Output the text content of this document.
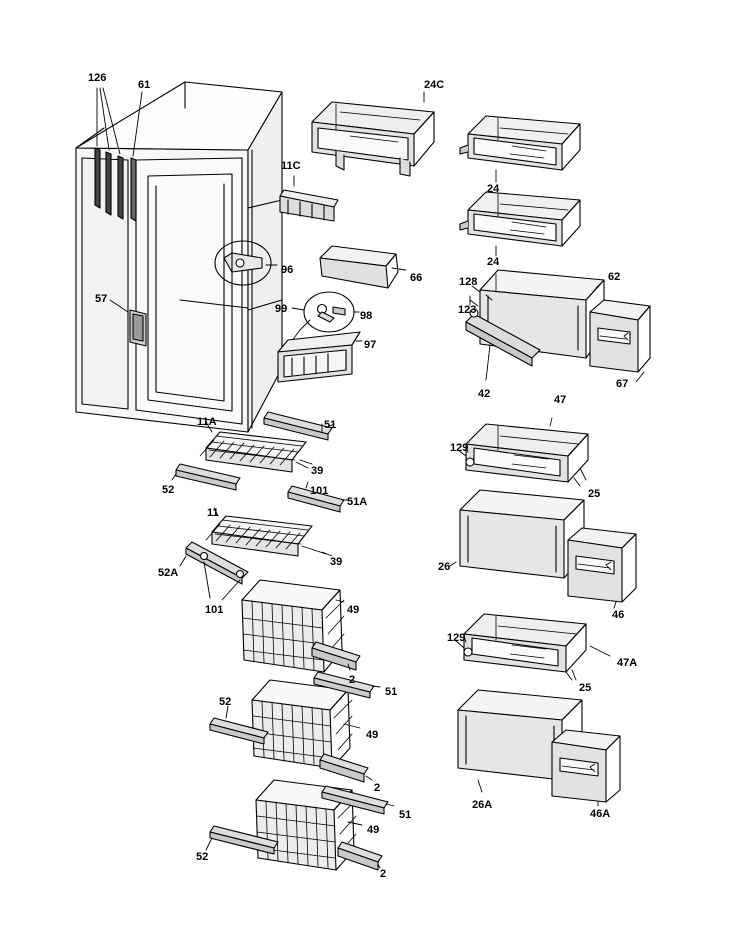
126
61	24C
11C
24
24
96
66	62
128
123
57
99
98
97
42
67
47
11A	51
129
39
52	25
101
51A
11
39	26
52A
46
101	49
129
2
47A
25
52
51
49
2
26A
51
49
46A
52
2
